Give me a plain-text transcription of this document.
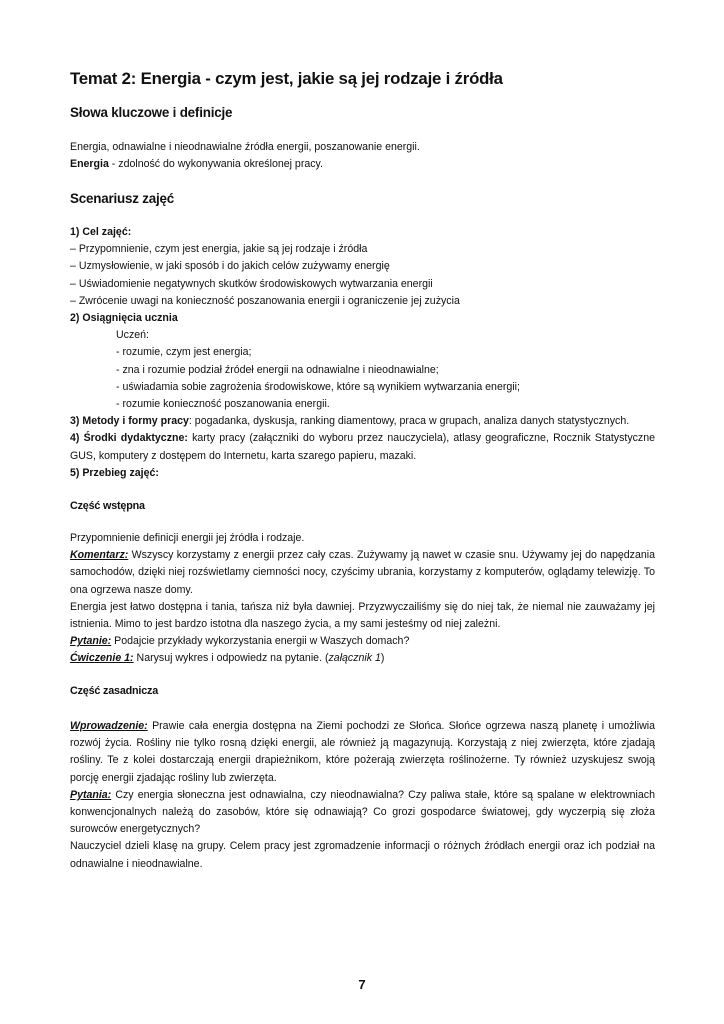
Temat 2: Energia - czym jest, jakie są jej rodzaje i źródła
Słowa kluczowe i definicje
Energia, odnawialne i nieodnawialne źródła energii, poszanowanie energii.
Energia - zdolność do wykonywania określonej pracy.
Scenariusz zajęć
1) Cel zajęć:
– Przypomnienie, czym jest energia, jakie są jej rodzaje i źródła
– Uzmysłowienie, w jaki sposób i do jakich celów zużywamy energię
– Uświadomienie negatywnych skutków środowiskowych wytwarzania energii
– Zwrócenie uwagi na konieczność poszanowania energii i ograniczenie jej zużycia
2) Osiągnięcia ucznia
Uczeń:
- rozumie, czym jest energia;
- zna i rozumie podział źródeł energii na odnawialne i nieodnawialne;
- uświadamia sobie zagrożenia środowiskowe, które są wynikiem wytwarzania energii;
- rozumie konieczność poszanowania energii.
3) Metody i formy pracy: pogadanka, dyskusja, ranking diamentowy, praca w grupach, analiza danych statystycznych.
4) Środki dydaktyczne: karty pracy (załączniki do wyboru przez nauczyciela), atlasy geograficzne, Rocznik Statystyczne GUS, komputery z dostępem do Internetu, karta szarego papieru, mazaki.
5) Przebieg zajęć:
Część wstępna
Przypomnienie definicji energii jej źródła i rodzaje.
Komentarz: Wszyscy korzystamy z energii przez cały czas. Zużywamy ją nawet w czasie snu. Używamy jej do napędzania samochodów, dzięki niej rozświetlamy ciemności nocy, czyścimy ubrania, korzystamy z komputerów, oglądamy telewizję. To ona ogrzewa nasze domy.
Energia jest łatwo dostępna i tania, tańsza niż była dawniej. Przyzwyczailiśmy się do niej tak, że niemal nie zauważamy jej istnienia. Mimo to jest bardzo istotna dla naszego życia, a my sami jesteśmy od niej zależni.
Pytanie: Podajcie przykłady wykorzystania energii w Waszych domach?
Ćwiczenie 1: Narysuj wykres i odpowiedz na pytanie. (załącznik 1)
Część zasadnicza
Wprowadzenie: Prawie cała energia dostępna na Ziemi pochodzi ze Słońca. Słońce ogrzewa naszą planetę i umożliwia rozwój życia. Rośliny nie tylko rosną dzięki energii, ale również ją magazynują. Korzystają z niej zwierzęta, które zjadają rośliny. Te z kolei dostarczają energii drapieżnikom, które pożerają zwierzęta roślinożerne. Ty również uzyskujesz swoją porcję energii zjadając rośliny lub zwierzęta.
Pytania: Czy energia słoneczna jest odnawialna, czy nieodnawialna? Czy paliwa stałe, które są spalane w elektrowniach konwencjonalnych należą do zasobów, które się odnawiają? Co grozi gospodarce światowej, gdy wyczerpią się złoża surowców energetycznych?
Nauczyciel dzieli klasę na grupy. Celem pracy jest zgromadzenie informacji o różnych źródłach energii oraz ich podział na odnawialne i nieodnawialne.
7
